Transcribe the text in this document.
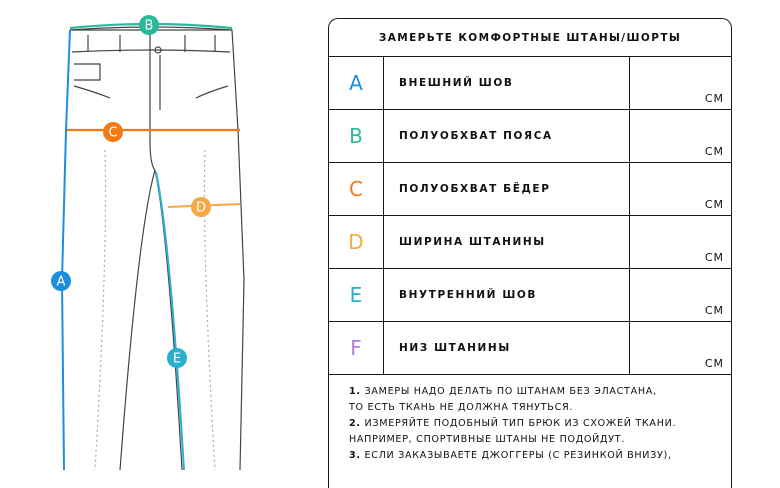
B
C
D
A
E
ЗАМЕРЬТЕ КОМФОРТНЫЕ ШТАНЫ/ШОРТЫ
A	ВНЕШНИЙ ШОВ
СМ
B	ПОЛУОБХВАТ ПОЯСА
СМ
C	ПОЛУОБХВАТ БЁДЕР
СМ
D	ШИРИНА ШТАНИНЫ
СМ
E	ВНУТРЕННИЙ ШОВ
СМ
F	НИЗ ШТАНИНЫ
СМ
1. ЗАМЕРЫ НАДО ДЕЛАТЬ ПО ШТАНАМ БЕЗ ЭЛАСТАНА,
ТО ЕСТЬ ТКАНЬ НЕ ДОЛЖНА ТЯНУТЬСЯ.
2. ИЗМЕРЯЙТЕ ПОДОБНЫЙ ТИП БРЮК ИЗ СХОЖЕЙ ТКАНИ.
НАПРИМЕР, СПОРТИВНЫЕ ШТАНЫ НЕ ПОДОЙДУТ.
3. ЕСЛИ ЗАКАЗЫВАЕТЕ ДЖОГГЕРЫ (С РЕЗИНКОЙ ВНИЗУ),
